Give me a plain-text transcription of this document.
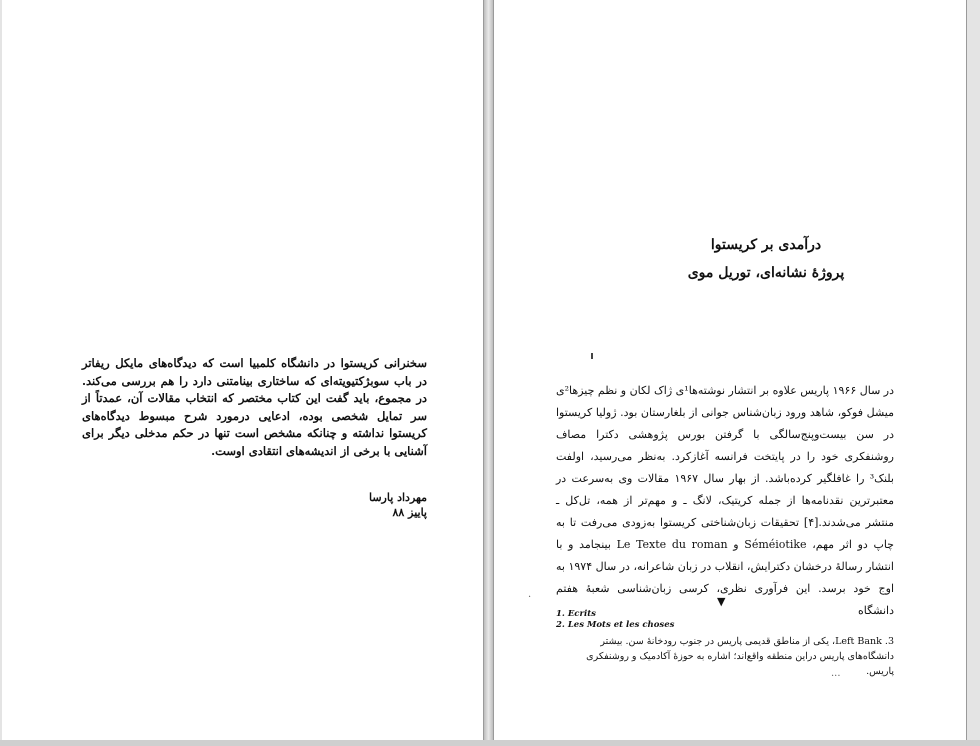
سخنرانی کریستوا در دانشگاه کلمبیا است که دیدگاه‌های مایکل ریفاتر در باب سوبژکتیویته‌ای که ساختاری بینامتنی دارد را هم بررسی می‌کند. در مجموع، باید گفت این کتاب مختصر که انتخاب مقالات آن، عمدتاً از سر تمایل شخصی بوده، ادعایی درمورد شرح مبسوط دیدگاه‌های کریستوا نداشته و چنانکه مشخص است تنها در حکم مدخلی دیگر برای آشنایی با برخی از اندیشه‌های انتقادی اوست.

مهرداد پارسا
پاییز ۸۸
درآمدی بر کریستوا
پروژهٔ نشانه‌ای، توریل موی

در سال ۱۹۶۶ پاریس علاوه بر انتشار نوشته‌ها¹ی ژاک لکان و نظم چیزها²ی میشل فوکو، شاهد ورود زبان‌شناس جوانی از بلغارستان بود. ژولیا کریستوا در سن بیست‌وپنج‌سالگی با گرفتن بورس پژوهشی دکترا مصاف روشنفکری خود را در پایتخت فرانسه آغازکرد. به‌نظر می‌رسید، اولفت بلنک³ را غافلگیر کرده‌باشد. از بهار سال ۱۹۶۷ مقالات وی به‌سرعت در معتبرترین نقدنامه‌ها از جمله کریتیک، لانگ ـ و مهم‌تر از همه، تل‌کل ـ منتشر می‌شدند.[۴] تحقیقات زبان‌شناختی کریستوا به‌زودی می‌رفت تا به چاپ دو اثر مهم، Séméiotike و Le Texte du roman بینجامد و با انتشار رسالهٔ درخشان دکترایش، انقلاب در زبان شاعرانه، در سال ۱۹۷۴ به اوج خود برسد. این فرآوری نظری، کرسی زبان‌شناسی شعبهٔ هفتم دانشگاه

▼

1. Ecrits

2. Les Mots et les choses

3. Left Bank، یکی از مناطق قدیمی پاریس در جنوب رودخانهٔ سن. بیشتر دانشگاه‌های پاریس دراین منطقه واقع‌اند؛ اشاره به حوزهٔ آکادمیک و روشنفکری پاریس.

·
···
